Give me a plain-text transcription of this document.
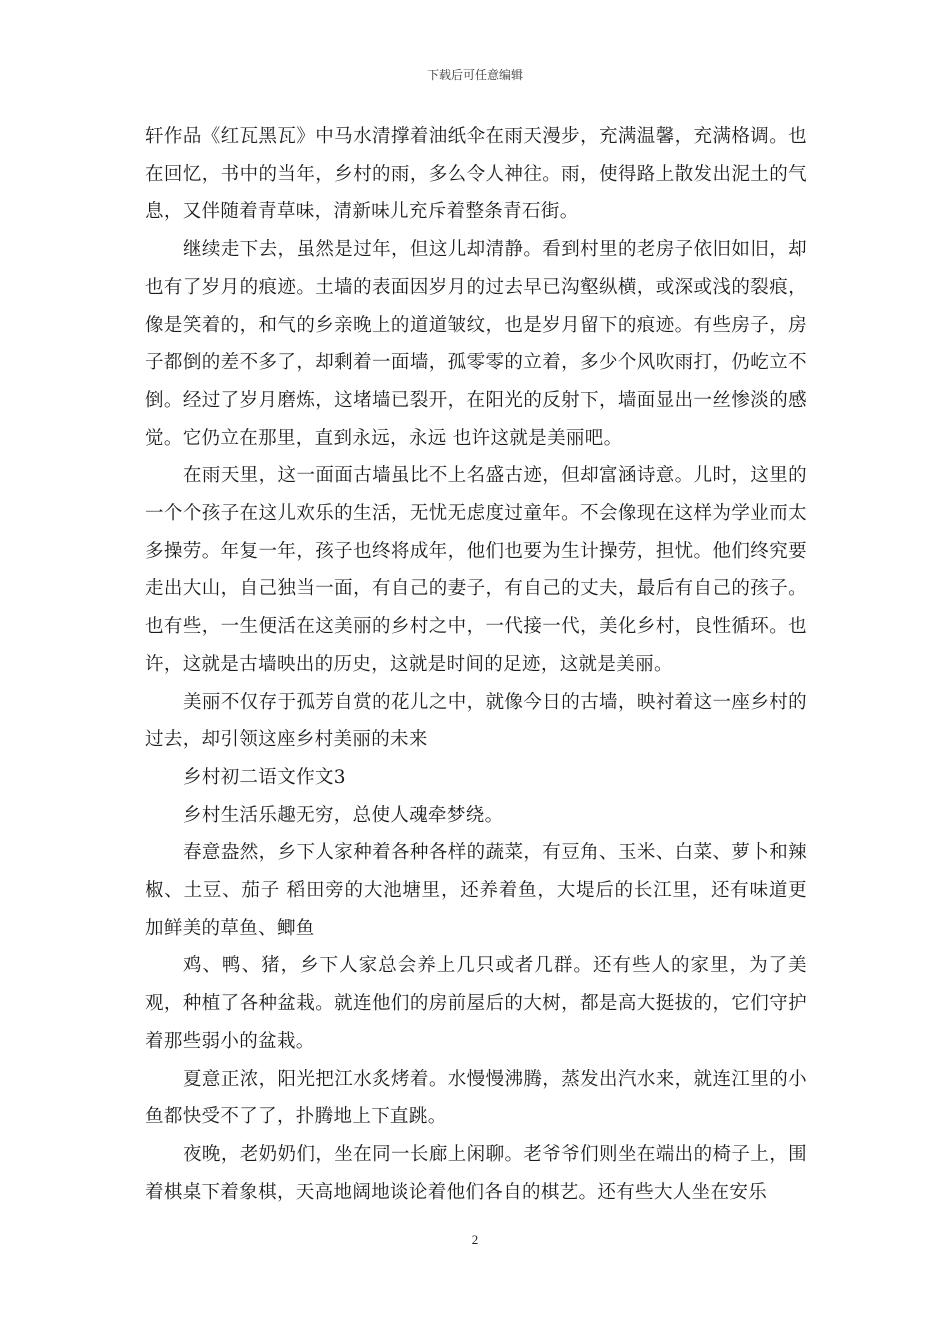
下载后可任意编辑

轩作品《红瓦黑瓦》中马水清撑着油纸伞在雨天漫步，充满温馨，充满格调。也在回忆，书中的当年，乡村的雨，多么令人神往。雨，使得路上散发出泥土的气息，又伴随着青草味，清新味儿充斥着整条青石街。

继续走下去，虽然是过年，但这儿却清静。看到村里的老房子依旧如旧，却也有了岁月的痕迹。土墙的表面因岁月的过去早已沟壑纵横，或深或浅的裂痕，像是笑着的，和气的乡亲晚上的道道皱纹，也是岁月留下的痕迹。有些房子，房子都倒的差不多了，却剩着一面墙，孤零零的立着，多少个风吹雨打，仍屹立不倒。经过了岁月磨炼，这堵墙已裂开，在阳光的反射下，墙面显出一丝惨淡的感觉。它仍立在那里，直到永远，永远 也许这就是美丽吧。

在雨天里，这一面面古墙虽比不上名盛古迹，但却富涵诗意。儿时，这里的一个个孩子在这儿欢乐的生活，无忧无虑度过童年。不会像现在这样为学业而太多操劳。年复一年，孩子也终将成年，他们也要为生计操劳，担忧。他们终究要走出大山，自己独当一面，有自己的妻子，有自己的丈夫，最后有自己的孩子。也有些，一生便活在这美丽的乡村之中，一代接一代，美化乡村，良性循环。也许，这就是古墙映出的历史，这就是时间的足迹，这就是美丽。

美丽不仅存于孤芳自赏的花儿之中，就像今日的古墙，映衬着这一座乡村的过去，却引领这座乡村美丽的未来

乡村初二语文作文3

乡村生活乐趣无穷，总使人魂牵梦绕。

春意盎然，乡下人家种着各种各样的蔬菜，有豆角、玉米、白菜、萝卜和辣椒、土豆、茄子 稻田旁的大池塘里，还养着鱼，大堤后的长江里，还有味道更加鲜美的草鱼、鲫鱼

鸡、鸭、猪，乡下人家总会养上几只或者几群。还有些人的家里，为了美观，种植了各种盆栽。就连他们的房前屋后的大树，都是高大挺拔的，它们守护着那些弱小的盆栽。

夏意正浓，阳光把江水炙烤着。水慢慢沸腾，蒸发出汽水来，就连江里的小鱼都快受不了了，扑腾地上下直跳。

夜晚，老奶奶们，坐在同一长廊上闲聊。老爷爷们则坐在端出的椅子上，围着棋桌下着象棋，天高地阔地谈论着他们各自的棋艺。还有些大人坐在安乐

2
